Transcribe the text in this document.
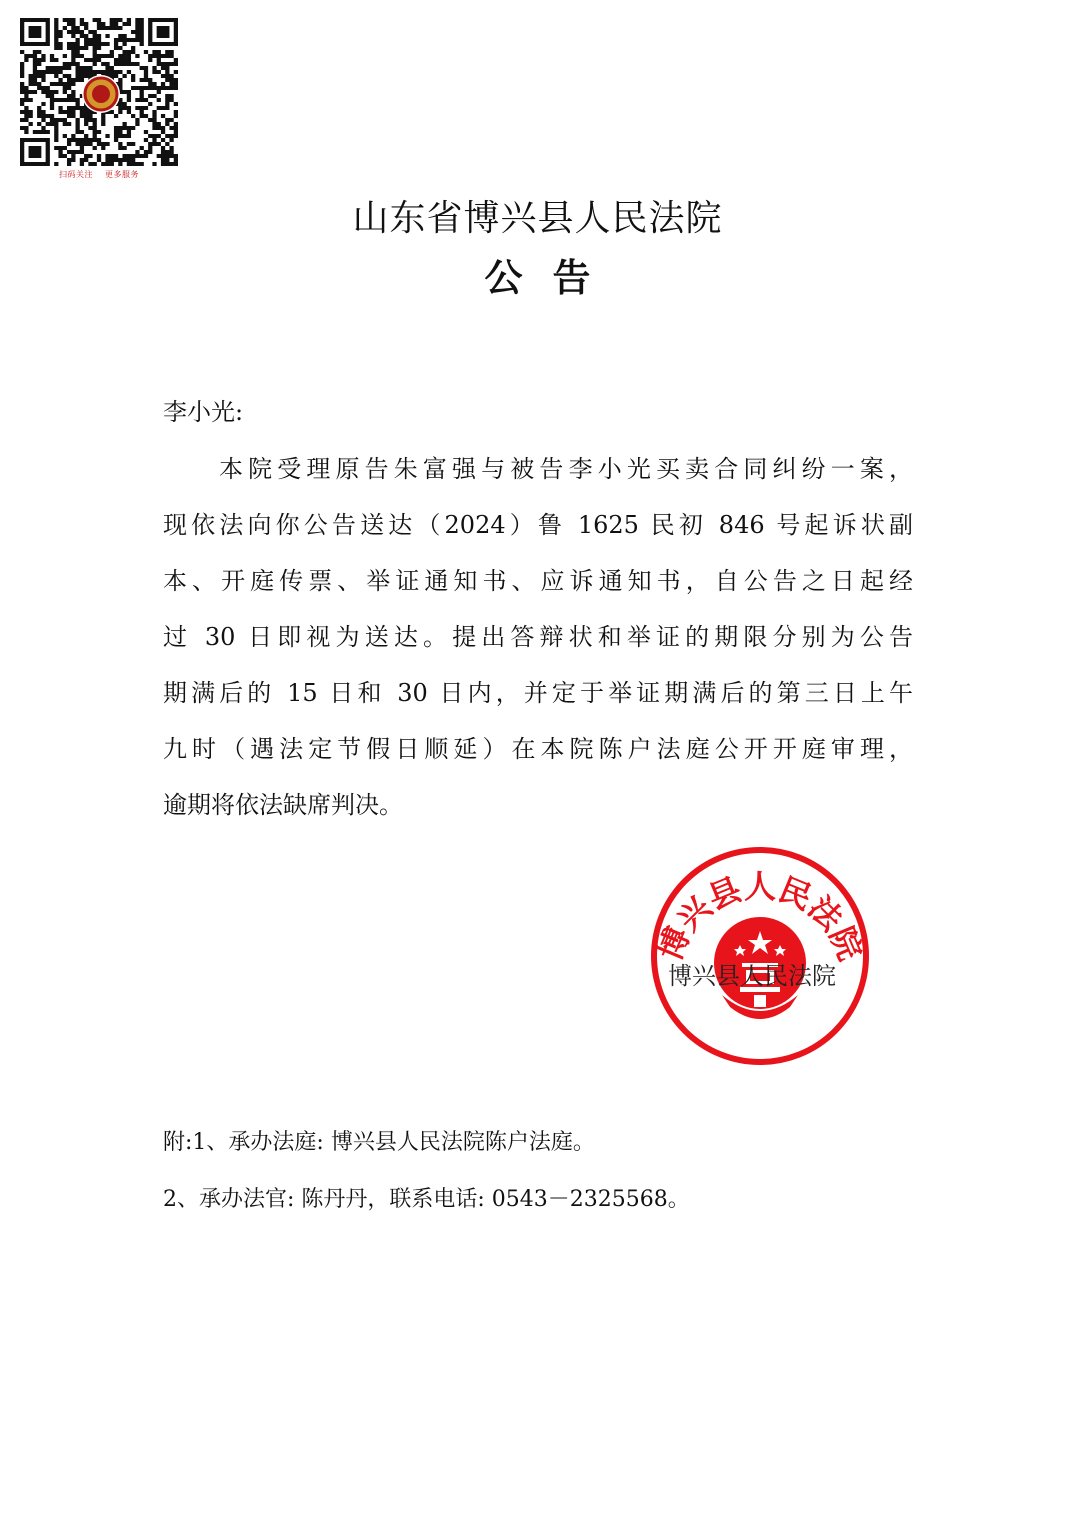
扫码关注 更多服务
山东省博兴县人民法院
公 告
李小光:
本院受理原告朱富强与被告李小光买卖合同纠纷一案，
现依法向你公告送达（2024）鲁 1625 民初 846 号起诉状副
本、开庭传票、举证通知书、应诉通知书，自公告之日起经
过 30 日即视为送达。提出答辩状和举证的期限分别为公告
期满后的 15 日和 30 日内，并定于举证期满后的第三日上午
九时（遇法定节假日顺延）在本院陈户法庭公开开庭审理，
逾期将依法缺席判决。
博兴县人民法院
博兴县人民法院
附:1、承办法庭: 博兴县人民法院陈户法庭。
2、承办法官: 陈丹丹，联系电话: 0543－2325568。
